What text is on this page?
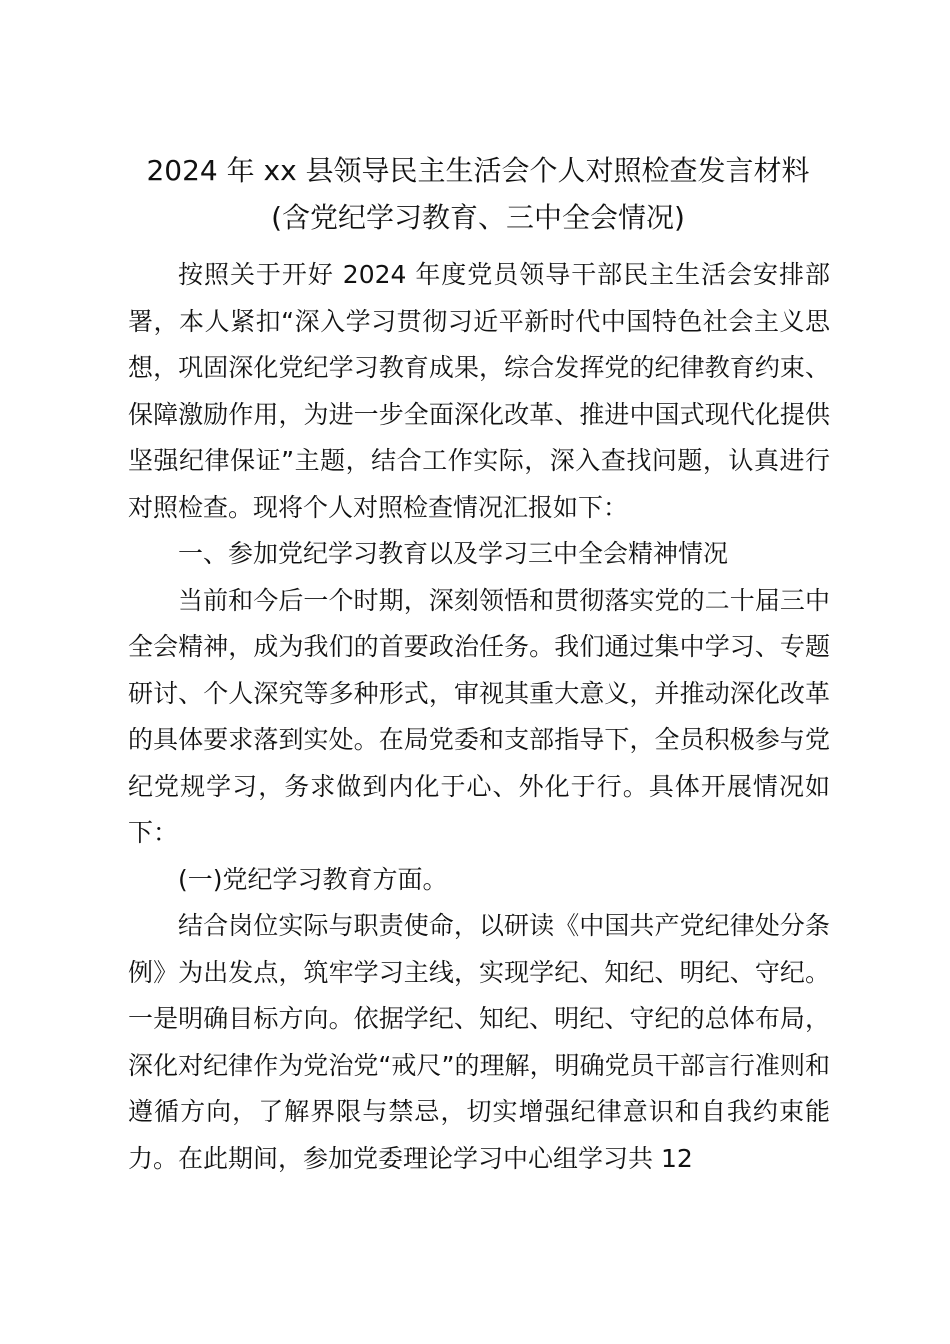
2024 年 xx 县领导民主生活会个人对照检查发言材料
(含党纪学习教育、三中全会情况)

按照关于开好 2024 年度党员领导干部民主生活会安排部署，本人紧扣“深入学习贯彻习近平新时代中国特色社会主义思想，巩固深化党纪学习教育成果，综合发挥党的纪律教育约束、保障激励作用，为进一步全面深化改革、推进中国式现代化提供坚强纪律保证”主题，结合工作实际，深入查找问题，认真进行对照检查。现将个人对照检查情况汇报如下：

一、参加党纪学习教育以及学习三中全会精神情况

当前和今后一个时期，深刻领悟和贯彻落实党的二十届三中全会精神，成为我们的首要政治任务。我们通过集中学习、专题研讨、个人深究等多种形式，审视其重大意义，并推动深化改革的具体要求落到实处。在局党委和支部指导下，全员积极参与党纪党规学习，务求做到内化于心、外化于行。具体开展情况如下：

(一)党纪学习教育方面。

结合岗位实际与职责使命，以研读《中国共产党纪律处分条例》为出发点，筑牢学习主线，实现学纪、知纪、明纪、守纪。一是明确目标方向。依据学纪、知纪、明纪、守纪的总体布局，深化对纪律作为党治党“戒尺”的理解，明确党员干部言行准则和遵循方向，了解界限与禁忌，切实增强纪律意识和自我约束能力。在此期间，参加党委理论学习中心组学习共 12
